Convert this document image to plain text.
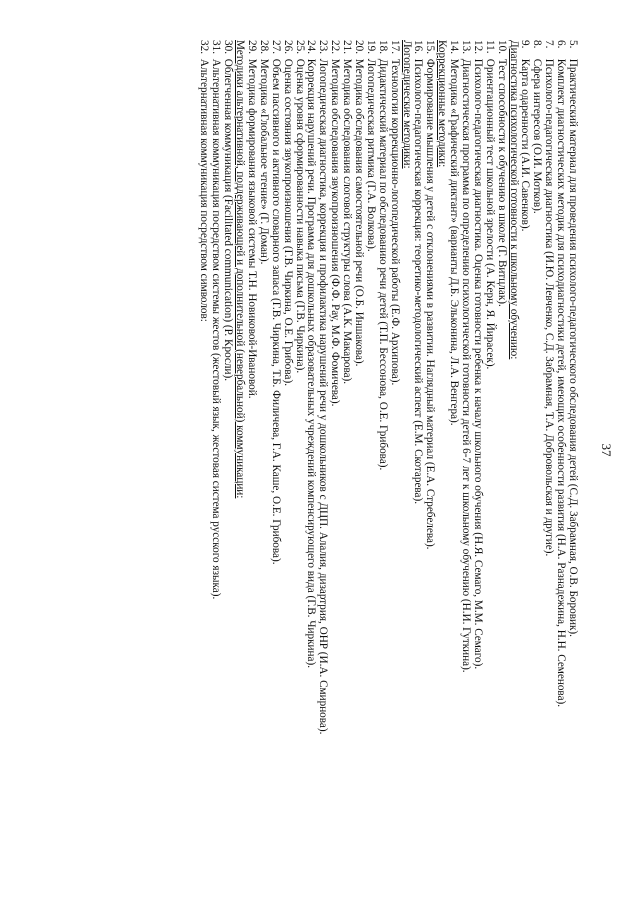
37
5. Практический материал для проведения психолого-педагогического обследования детей (С.Д. Забрамная, О.В. Боровик).
6. Комплект диагностических методик для психодиагностики детей, имеющих особенности развития (Н.А. Разнадежина, Н.Н. Семенова).
7. Психолого-педагогическая диагностика (И.Ю. Левченко, С.Д. Забрамная, Т.А. Добровольская и другие).
8. Сфера интересов (О.И. Мотков).
9. Карта одаренности (А.И. Савенков).
Диагностика психологической готовности к школьному обучению:
10. Тест способности к обучению в школе (Г. Витцлак).
11. Ориентационный тест школьной зрелости (А. Керн, Я. Йирасек).
12. Психолого-педагогическая диагностика. Оценка готовности ребенка к началу школьного обучения (Н.Я. Семаго, М.М. Семаго).
13. Диагностическая программа по определению психологической готовности детей 6-7 лет к школьному обучению (Н.И. Гуткина).
14. Методика «Графический диктант» (варианты Д.Б. Эльконина, Л.А. Венгера).
Коррекционные методики:
15. Формирование мышления у детей с отклонениями в развитии. Наглядный материал (Е.А. Стребелева).
16. Психолого-педагогическая коррекция: теоретико-методологический аспект (Е.М. Скотарева).
Логопедические методики:
17. Технологии коррекционно-логопедической работы (Е.Ф. Архипова).
18. Дидактический материал по обследованию речи детей (Т.П. Бессонова, О.Е. Грибова).
19. Логопедическая ритмика (Г.А. Волкова).
20. Методика обследования самостоятельной речи (О.Б. Иншакова).
21. Методика обследования слоговой структуры слова (А.К. Макарова).
22. Методика обследования звукопроизношения (Ф.Ф. Рау, М.Ф. Фомичева).
23. Логопедическая диагностика, коррекция и профилактика нарушений речи у дошкольников с ДЦП. Алалия, дизартрия, ОНР (И.А. Смирнова).
24. Коррекция нарушений речи. Программа для дошкольных образовательных учреждений компенсирующего вида (Г.В. Чиркина).
25. Оценка уровня сформированности навыка письма (Г.В. Чиркина).
26. Оценка состояния звукопроизношения (Г.В. Чиркина, О.Е. Грибова).
27. Объем пассивного и активного словарного запаса (Г.В. Чиркина, Т.Б. Филичева, Г.А. Каше, О.Е. Грибова).
28. Методика «Глобальное чтение» (Г. Доман).
29. Методика формирования языковой системы Т.Н. Новиковой-Ивановой.
Методики альтернативной, поддерживающей и дополнительной (невербальной) коммуникации:
30. Облегченная коммуникация (Facilitated communication) (Р. Кросли).
31. Альтернативная коммуникация посредством системы жестов (жестовый язык, жестовая система русского языка).
32. Альтернативная коммуникация посредством символов:
